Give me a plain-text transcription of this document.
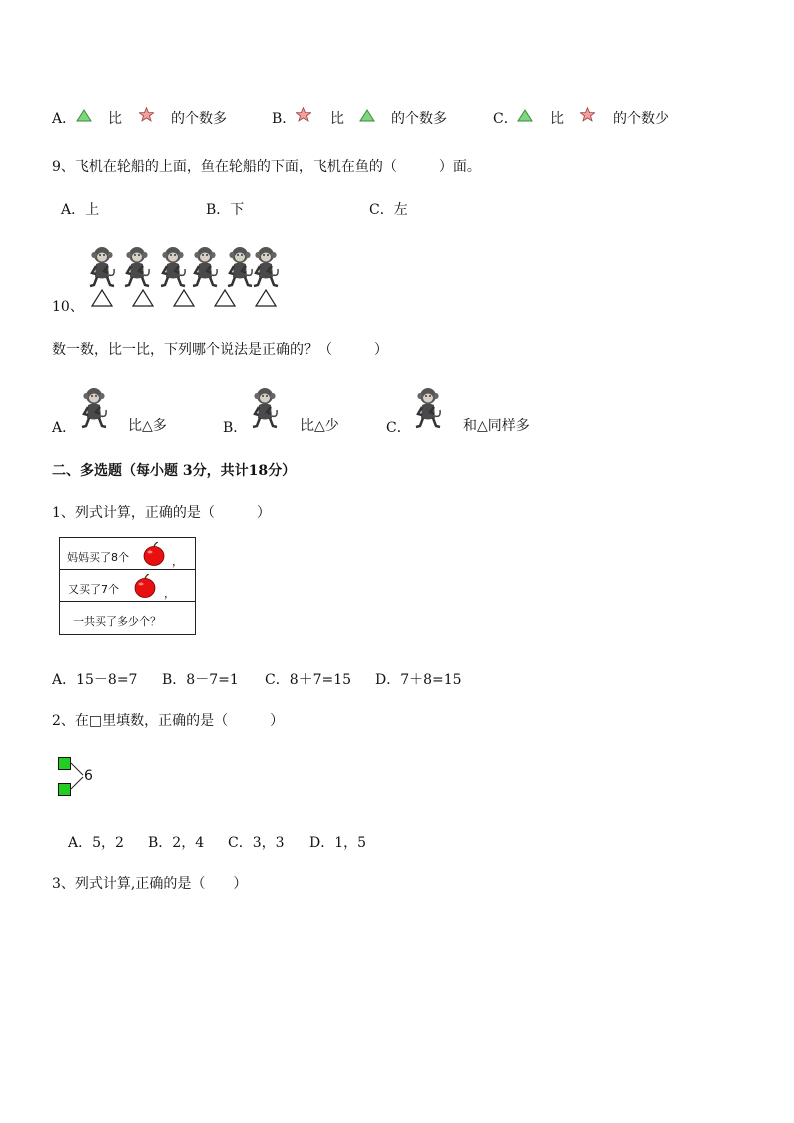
A． 比	的个数多	B． 比	的个数多	C． 比	的个数少
9、飞机在轮船的上面，鱼在轮船的下面，飞机在鱼的（　　　）面。
A．上	B．下	C．左
10、
数一数，比一比，下列哪个说法是正确的？（　　　）
A．	比△多	B．	比△少	C．	和△同样多
二、多选题（每小题 3分，共计18分）
1、列式计算，正确的是（　　　）
妈妈买了8个	，
又买了7个	，
一共买了多少个？
A．15－8=7 B．8－7=1 C．8＋7=15 D．7＋8=15
2、在□里填数，正确的是（　　　）
6
A．5，2 B．2，4 C．3，3 D．1，5
3、列式计算,正确的是（　　）
